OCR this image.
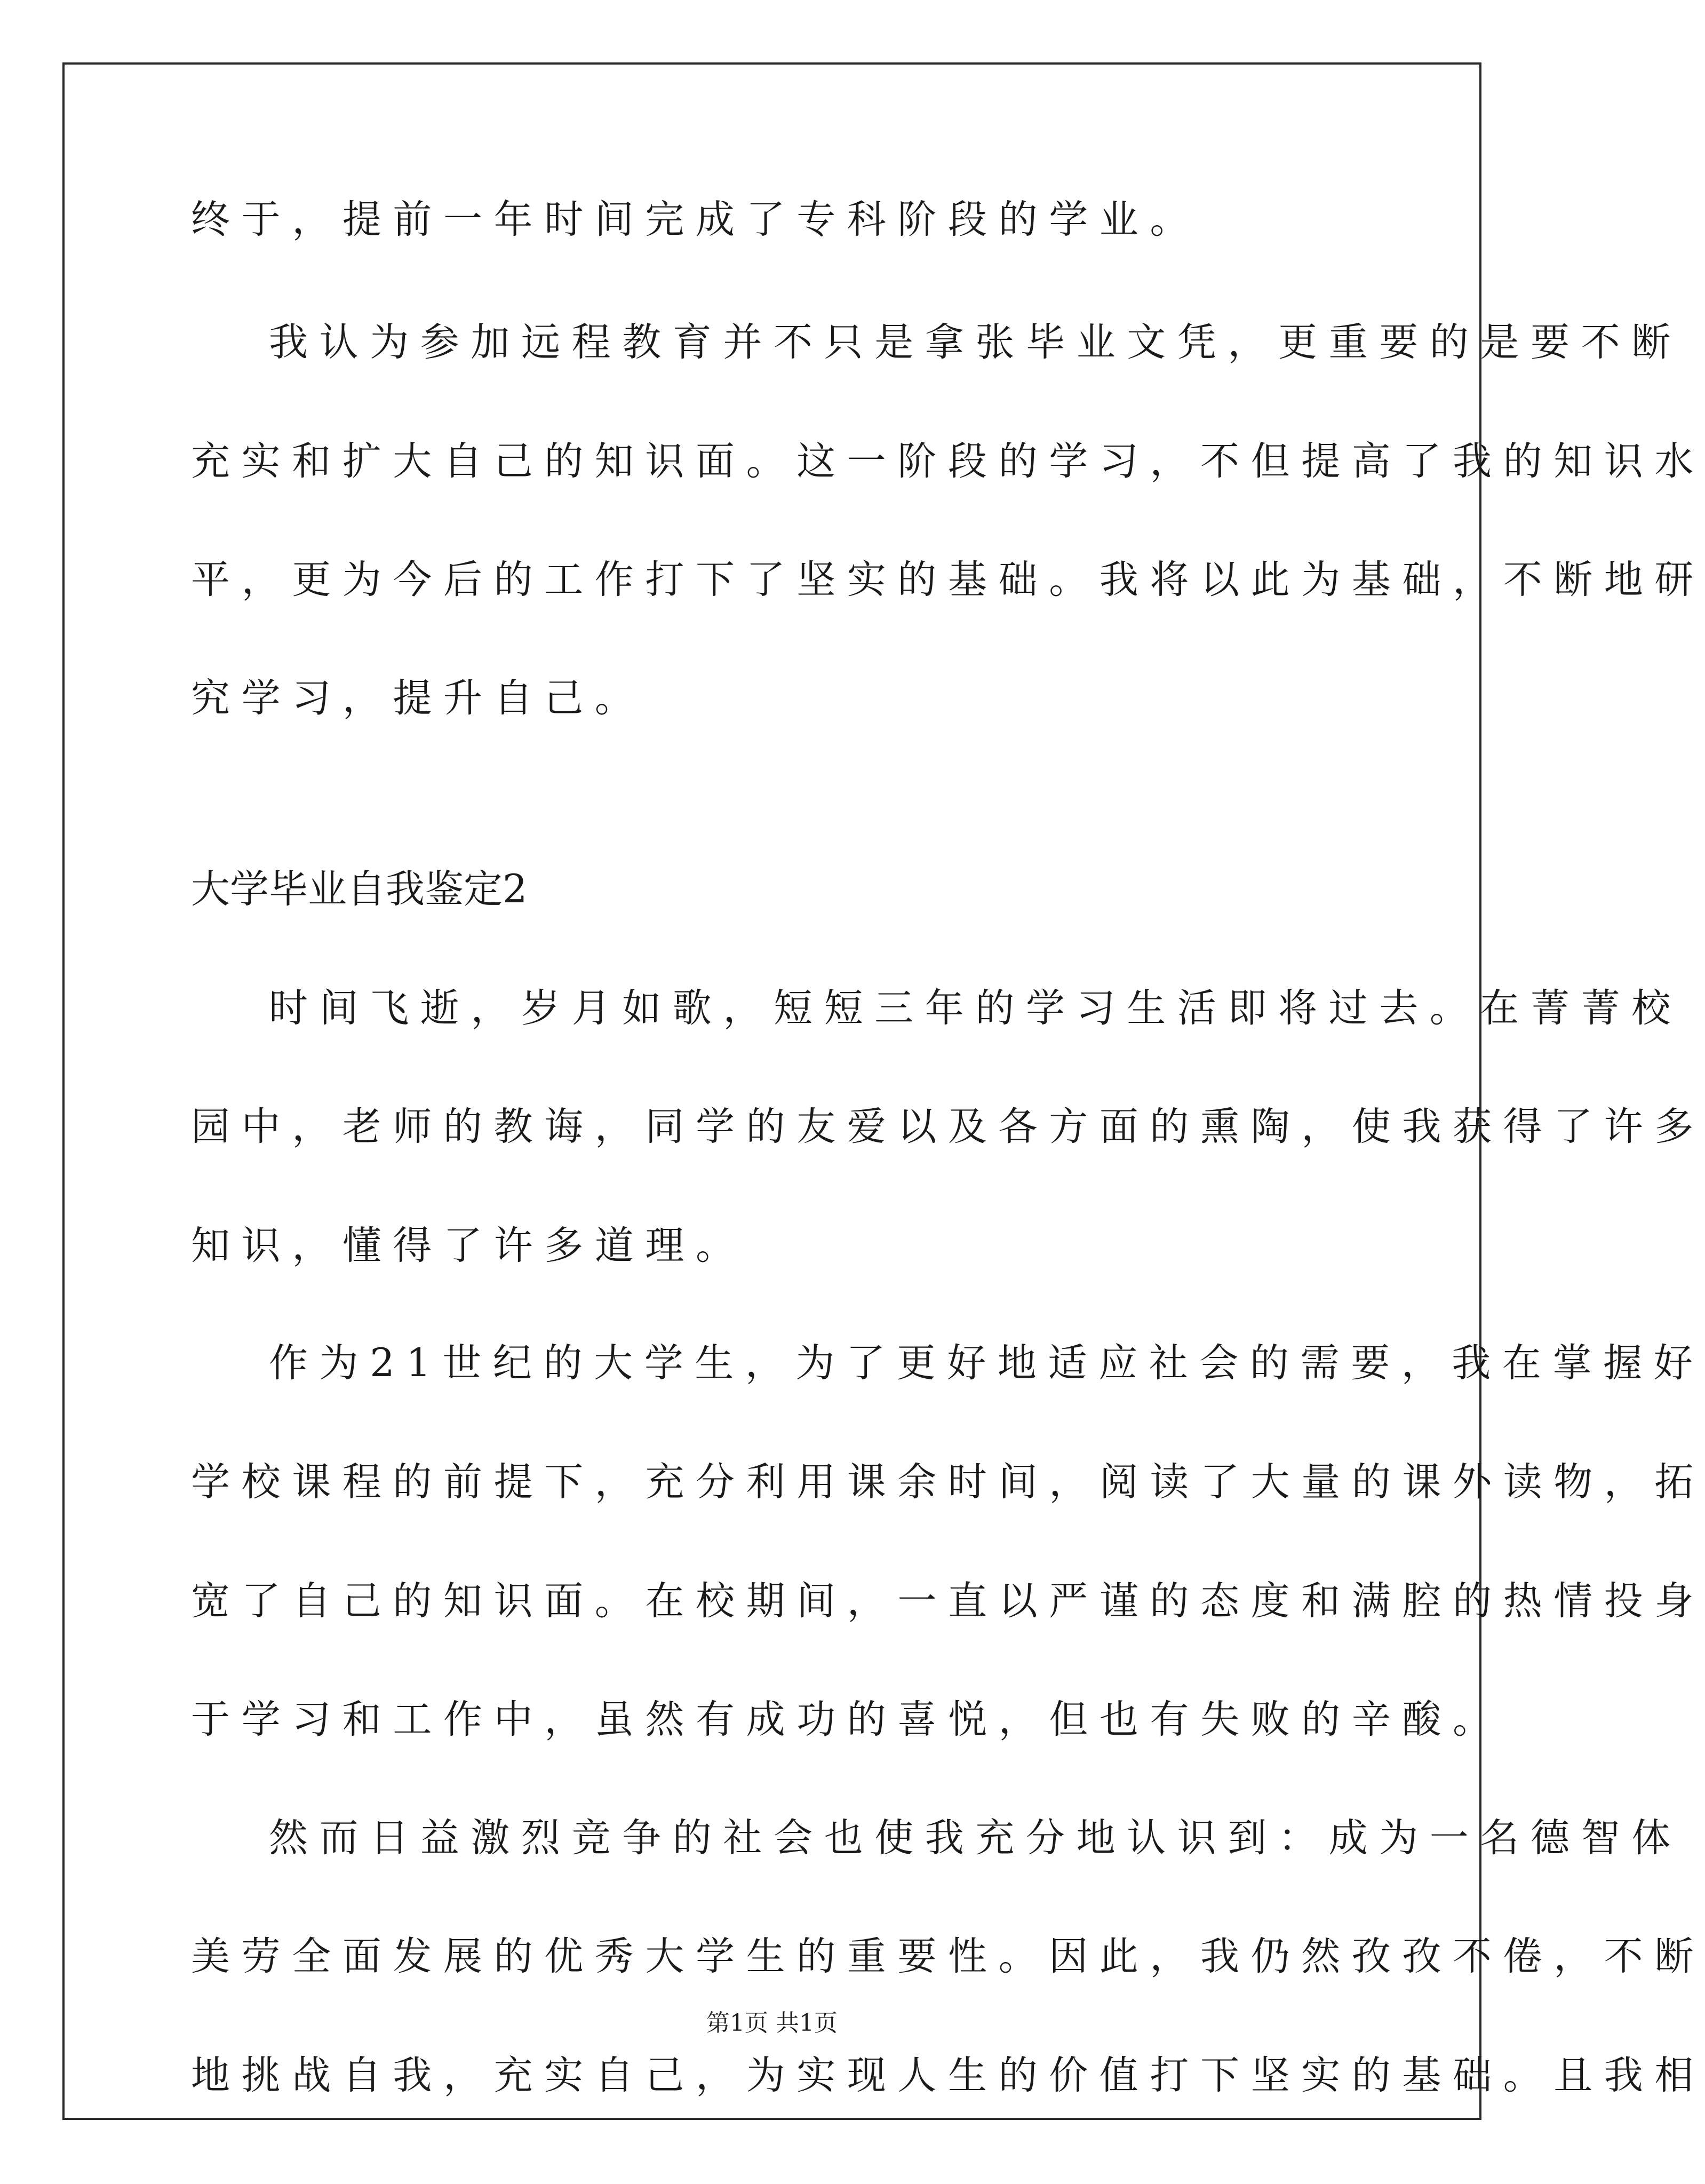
终于，提前一年时间完成了专科阶段的学业。
我认为参加远程教育并不只是拿张毕业文凭，更重要的是要不断
充实和扩大自己的知识面。这一阶段的学习，不但提高了我的知识水
平，更为今后的工作打下了坚实的基础。我将以此为基础，不断地研
究学习，提升自己。
大学毕业自我鉴定2
时间飞逝，岁月如歌，短短三年的学习生活即将过去。在菁菁校
园中，老师的教诲，同学的友爱以及各方面的熏陶，使我获得了许多
知识，懂得了许多道理。
作为21世纪的大学生，为了更好地适应社会的需要，我在掌握好
学校课程的前提下，充分利用课余时间，阅读了大量的课外读物，拓
宽了自己的知识面。在校期间，一直以严谨的态度和满腔的热情投身
于学习和工作中，虽然有成功的喜悦，但也有失败的辛酸。
然而日益激烈竞争的社会也使我充分地认识到：成为一名德智体
美劳全面发展的优秀大学生的重要性。因此，我仍然孜孜不倦，不断
地挑战自我，充实自己，为实现人生的价值打下坚实的基础。且我相
第1页 共1页
